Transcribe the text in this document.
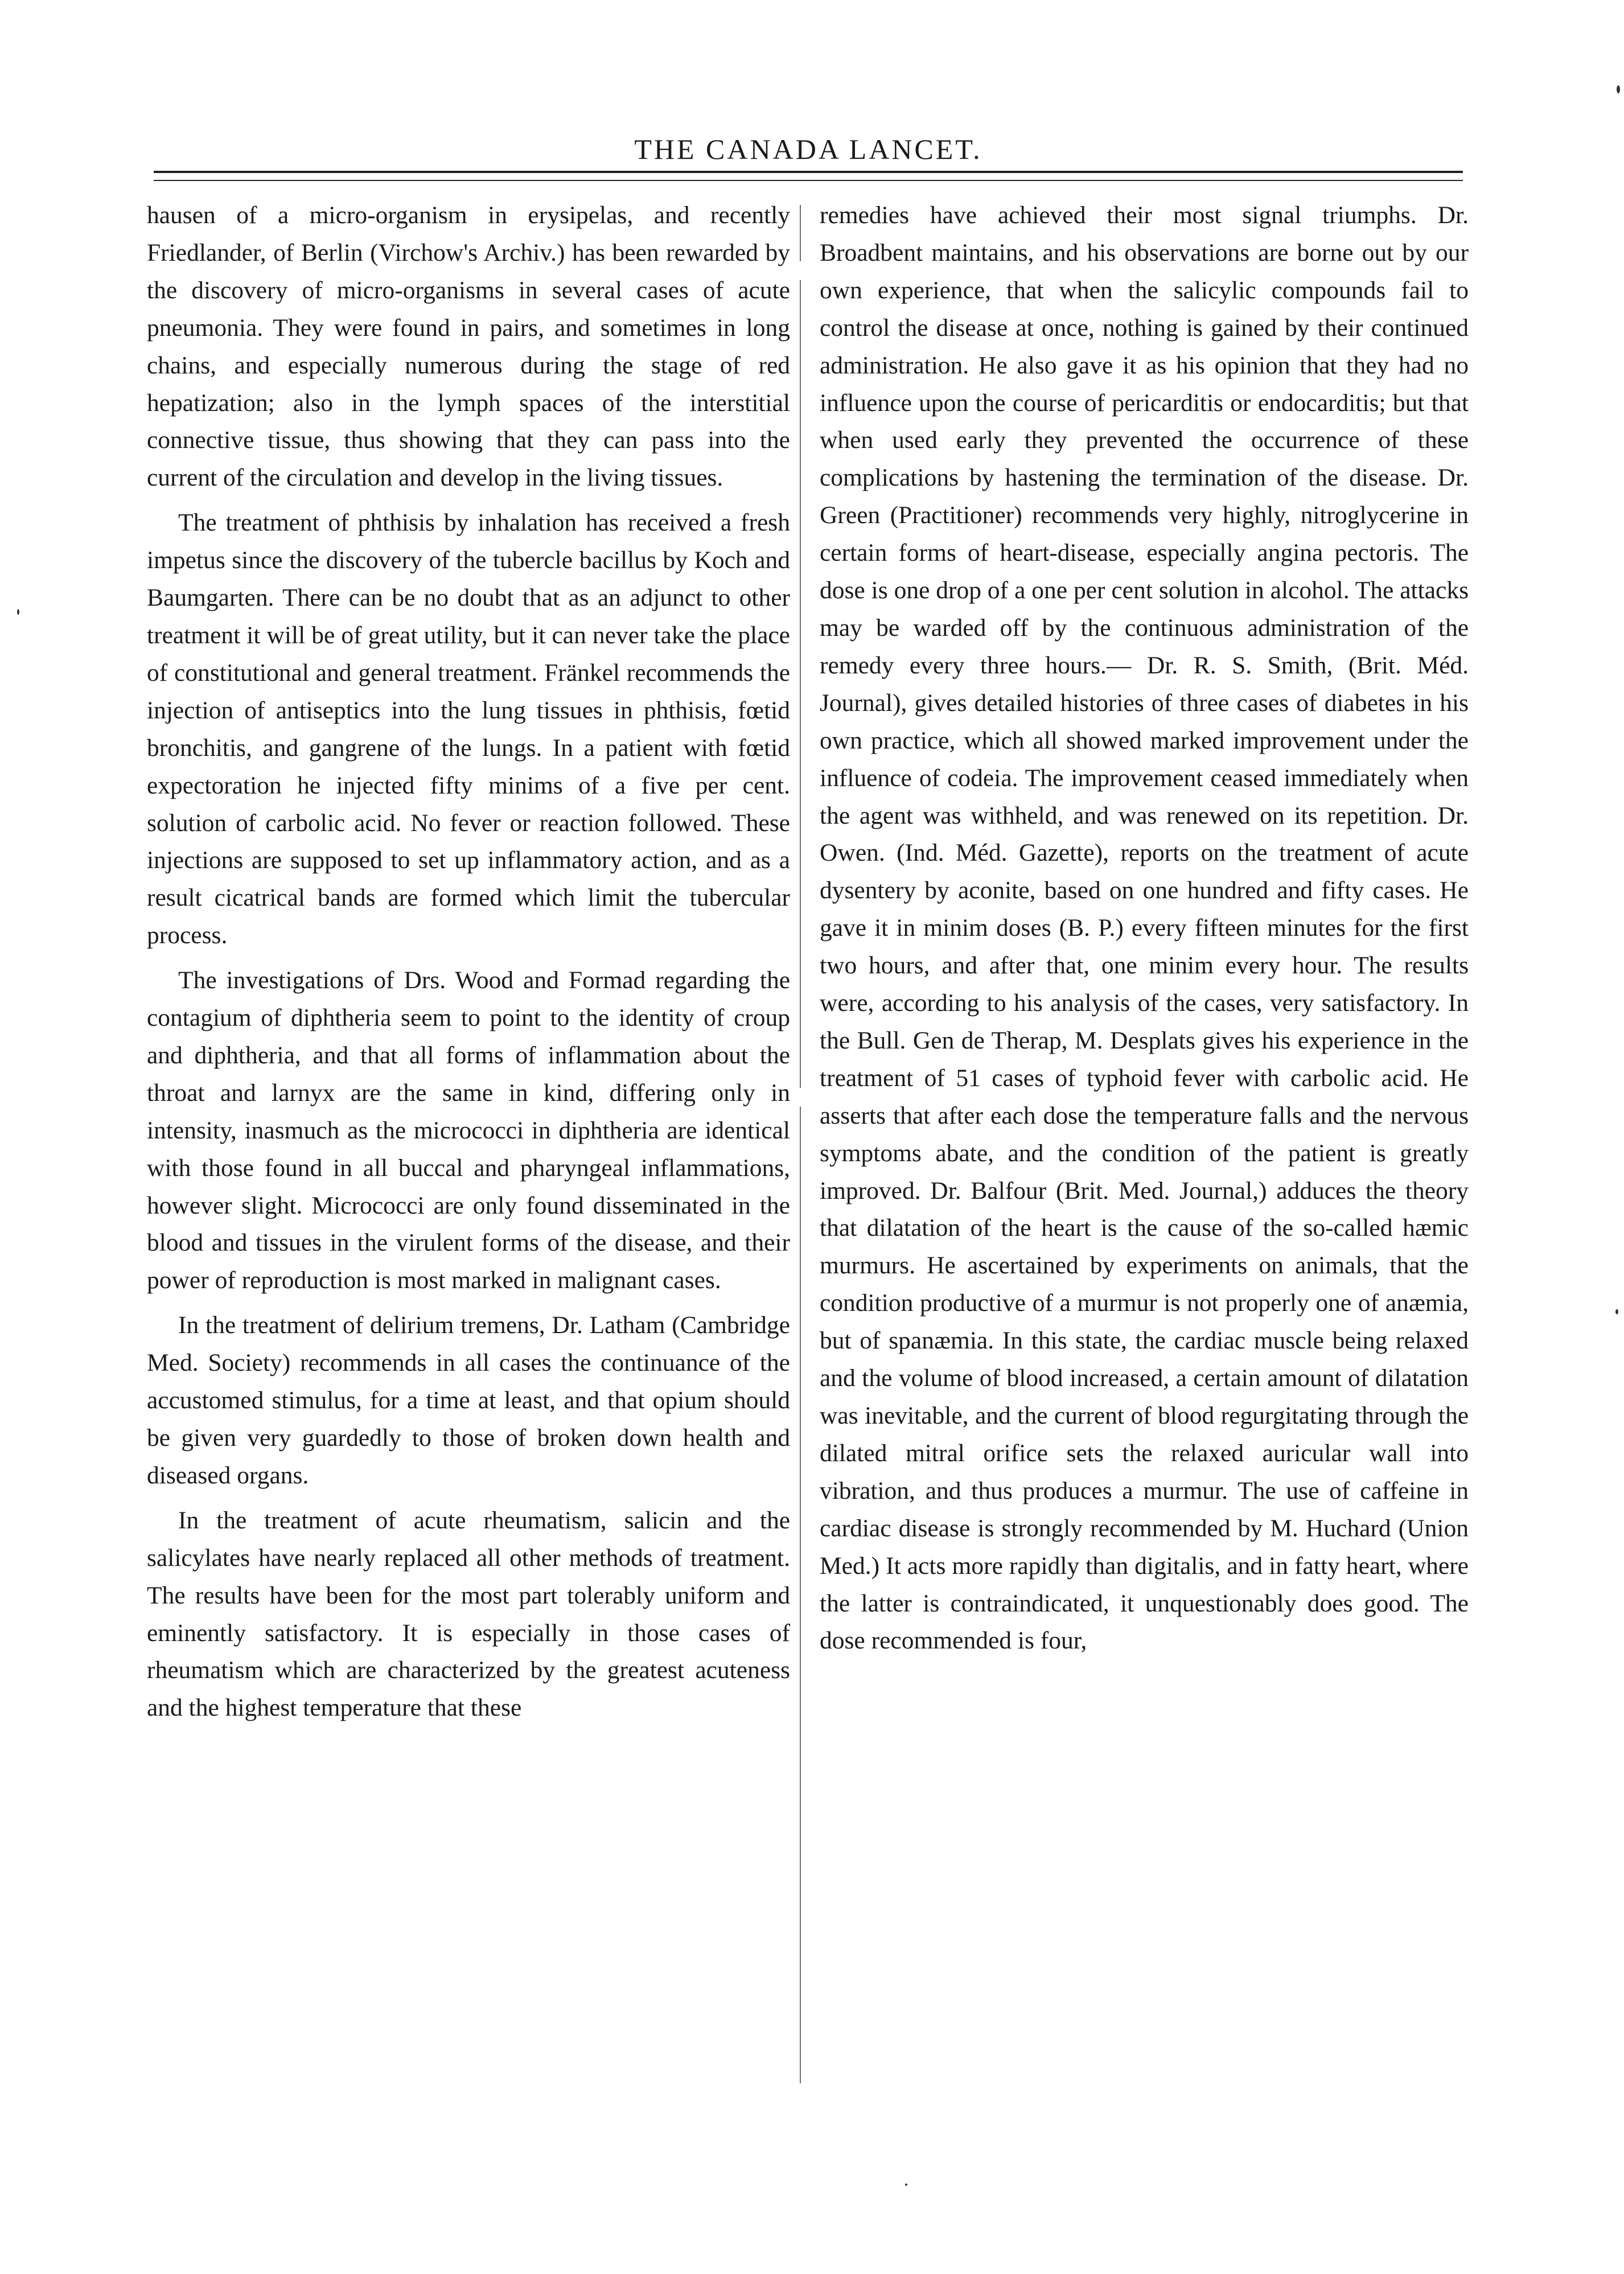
THE CANADA LANCET.

hausen of a micro-organism in erysipelas, and recently Friedlander, of Berlin (Virchow's Archiv.) has been rewarded by the discovery of micro-organisms in several cases of acute pneumonia. They were found in pairs, and sometimes in long chains, and especially numerous during the stage of red hepatization; also in the lymph spaces of the interstitial connective tissue, thus showing that they can pass into the current of the circulation and develop in the living tissues.

The treatment of phthisis by inhalation has received a fresh impetus since the discovery of the tubercle bacillus by Koch and Baumgarten. There can be no doubt that as an adjunct to other treatment it will be of great utility, but it can never take the place of constitutional and general treatment. Fränkel recommends the injection of antiseptics into the lung tissues in phthisis, fœtid bronchitis, and gangrene of the lungs. In a patient with fœtid expectoration he injected fifty minims of a five per cent. solution of carbolic acid. No fever or reaction followed. These injections are supposed to set up inflammatory action, and as a result cicatrical bands are formed which limit the tubercular process.

The investigations of Drs. Wood and Formad regarding the contagium of diphtheria seem to point to the identity of croup and diphtheria, and that all forms of inflammation about the throat and larnyx are the same in kind, differing only in intensity, inasmuch as the micrococci in diphtheria are identical with those found in all buccal and pharyngeal inflammations, however slight. Micrococci are only found disseminated in the blood and tissues in the virulent forms of the disease, and their power of reproduction is most marked in malignant cases.

In the treatment of delirium tremens, Dr. Latham (Cambridge Med. Society) recommends in all cases the continuance of the accustomed stimulus, for a time at least, and that opium should be given very guardedly to those of broken down health and diseased organs.

In the treatment of acute rheumatism, salicin and the salicylates have nearly replaced all other methods of treatment. The results have been for the most part tolerably uniform and eminently satisfactory. It is especially in those cases of rheumatism which are characterized by the greatest acuteness and the highest temperature that these

remedies have achieved their most signal triumphs. Dr. Broadbent maintains, and his observations are borne out by our own experience, that when the salicylic compounds fail to control the disease at once, nothing is gained by their continued administration. He also gave it as his opinion that they had no influence upon the course of pericarditis or endocarditis; but that when used early they prevented the occurrence of these complications by hastening the termination of the disease. Dr. Green (Practitioner) recommends very highly, nitroglycerine in certain forms of heart-disease, especially angina pectoris. The dose is one drop of a one per cent solution in alcohol. The attacks may be warded off by the continuous administration of the remedy every three hours.— Dr. R. S. Smith, (Brit. Méd. Journal), gives detailed histories of three cases of diabetes in his own practice, which all showed marked improvement under the influence of codeia. The improvement ceased immediately when the agent was withheld, and was renewed on its repetition. Dr. Owen. (Ind. Méd. Gazette), reports on the treatment of acute dysentery by aconite, based on one hundred and fifty cases. He gave it in minim doses (B. P.) every fifteen minutes for the first two hours, and after that, one minim every hour. The results were, according to his analysis of the cases, very satisfactory. In the Bull. Gen de Therap, M. Desplats gives his experience in the treatment of 51 cases of typhoid fever with carbolic acid. He asserts that after each dose the temperature falls and the nervous symptoms abate, and the condition of the patient is greatly improved. Dr. Balfour (Brit. Med. Journal,) adduces the theory that dilatation of the heart is the cause of the so-called hæmic murmurs. He ascertained by experiments on animals, that the condition productive of a murmur is not properly one of anæmia, but of spanæmia. In this state, the cardiac muscle being relaxed and the volume of blood increased, a certain amount of dilatation was inevitable, and the current of blood regurgitating through the dilated mitral orifice sets the relaxed auricular wall into vibration, and thus produces a murmur. The use of caffeine in cardiac disease is strongly recommended by M. Huchard (Union Med.) It acts more rapidly than digitalis, and in fatty heart, where the latter is contraindicated, it unquestionably does good. The dose recommended is four,
